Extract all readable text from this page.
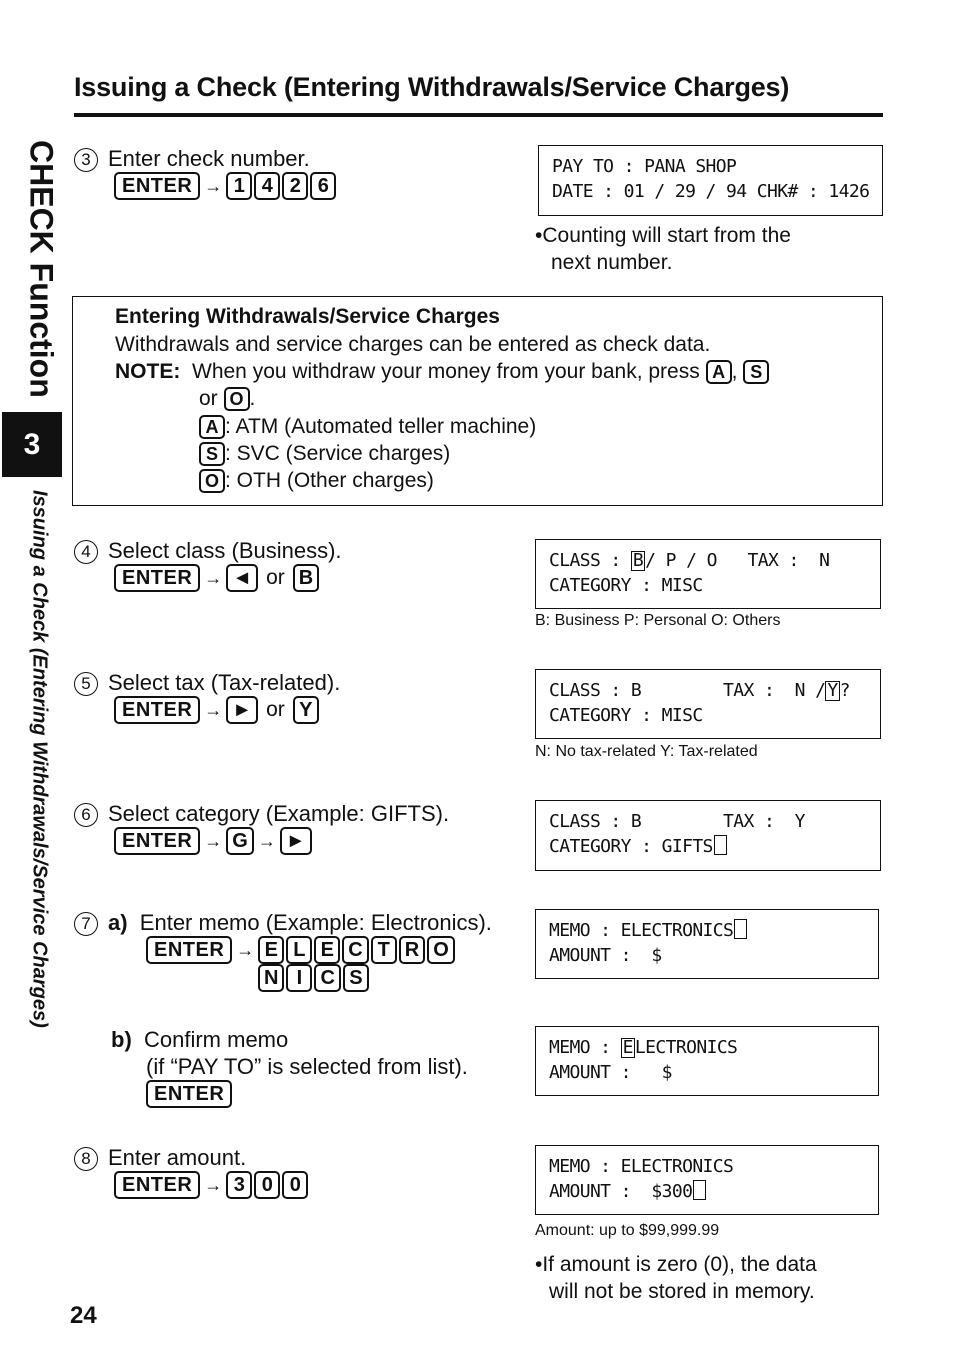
Issuing a Check (Entering Withdrawals/Service Charges)
CHECK Function
3
Issuing a Check (Entering Withdrawals/Service Charges)
3 Enter check number.
ENTER → 1 4 2 6
PAY TO : PANA SHOP
DATE : 01 / 29 / 94 CHK# : 1426
•Counting will start from the
next number.
Entering Withdrawals/Service Charges
Withdrawals and service charges can be entered as check data.
NOTE: When you withdraw your money from your bank, press A , S
or O .
A : ATM (Automated teller machine)
S : SVC (Service charges)
O : OTH (Other charges)
4 Select class (Business).
ENTER → ◄ or B
CLASS : B / P / O   TAX :  N
CATEGORY : MISC
B: Business P: Personal O: Others
5 Select tax (Tax-related).
ENTER → ► or Y
CLASS : B        TAX :  N / Y ?
CATEGORY : MISC
N: No tax-related Y: Tax-related
6 Select category (Example: GIFTS).
ENTER → G → ►
CLASS : B        TAX :  Y
CATEGORY : GIFTS
7 a) Enter memo (Example: Electronics).
ENTER → E L E C T R O
N I C S
MEMO : ELECTRONICS
AMOUNT :  $
b) Confirm memo
(if “PAY TO” is selected from list).
ENTER
MEMO : E LECTRONICS
AMOUNT :   $
8 Enter amount.
ENTER → 3 0 0
MEMO : ELECTRONICS
AMOUNT :  $300
Amount: up to $99,999.99
•If amount is zero (0), the data
will not be stored in memory.
24
